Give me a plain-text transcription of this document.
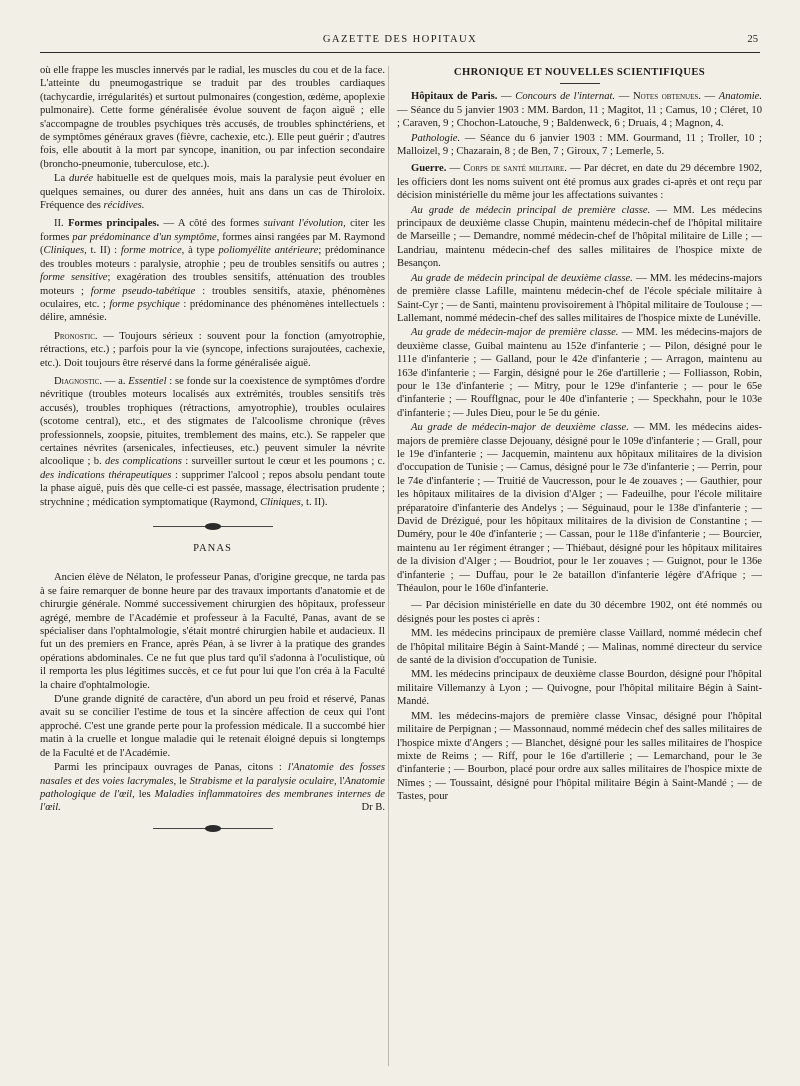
GAZETTE DES HOPITAUX	25

où elle frappe les muscles innervés par le radial, les muscles du cou et de la face. L'atteinte du pneumogastrique se traduit par des troubles cardiaques (tachycardie, irrégularités) et surtout pulmonaires (congestion, œdème, apoplexie pulmonaire). Cette forme généralisée évolue souvent de façon aiguë ; elle s'accompagne de troubles psychiques très accusés, de troubles sphinctériens, et de symptômes généraux graves (fièvre, cachexie, etc.). Elle peut guérir ; d'autres fois, elle aboutit à la mort par syncope, inanition, ou par infection secondaire (broncho-pneumonie, tuberculose, etc.).

La durée habituelle est de quelques mois, mais la paralysie peut évoluer en quelques semaines, ou durer des années, huit ans dans un cas de Thiroloix. Fréquence des récidives.

II. Formes principales. — A côté des formes suivant l'évolution, citer les formes par prédominance d'un symptôme, formes ainsi rangées par M. Raymond (Cliniques, t. II) : forme motrice, à type poliomyélite antérieure; prédominance des troubles moteurs : paralysie, atrophie ; peu de troubles sensitifs ou autres ; forme sensitive; exagération des troubles sensitifs, atténuation des troubles moteurs ; forme pseudo-tabétique : troubles sensitifs, ataxie, phénomènes oculaires, etc. ; forme psychique : prédominance des phénomènes intellectuels : délire, amnésie.

Pronostic. — Toujours sérieux : souvent pour la fonction (amyotrophie, rétractions, etc.) ; parfois pour la vie (syncope, infections surajoutées, cachexie, etc.). Doit toujours être réservé dans la forme généralisée aiguë.

Diagnostic. — a. Essentiel : se fonde sur la coexistence de symptômes d'ordre névritique (troubles moteurs localisés aux extrémités, troubles sensitifs très accusés), troubles trophiques (rétractions, amyotrophie), troubles oculaires (scotome central), etc., et des stigmates de l'alcoolisme chronique (rêves professionnels, zoopsie, pituites, tremblement des mains, etc.). Se rappeler que certaines névrites (arsenicales, infectieuses, etc.) peuvent simuler la névrite alcoolique ; b. des complications : surveiller surtout le cœur et les poumons ; c. des indications thérapeutiques : supprimer l'alcool ; repos absolu pendant toute la phase aiguë, puis dès que celle-ci est passée, massage, électrisation prudente ; strychnine ; médication symptomatique (Raymond, Cliniques, t. II).

PANAS

Ancien élève de Nélaton, le professeur Panas, d'origine grecque, ne tarda pas à se faire remarquer de bonne heure par des travaux importants d'anatomie et de chirurgie générale. Nommé successivement chirurgien des hôpitaux, professeur agrégé, membre de l'Académie et professeur à la Faculté, Panas, avant de se spécialiser dans l'ophtalmologie, s'était montré chirurgien habile et audacieux. Il fut un des premiers en France, après Péan, à se livrer à la pratique des grandes opérations abdominales. Ce ne fut que plus tard qu'il s'adonna à l'oculistique, où il remporta les plus légitimes succès, et ce fut pour lui que l'on créa à la Faculté la chaire d'ophtalmologie.

D'une grande dignité de caractère, d'un abord un peu froid et réservé, Panas avait su se concilier l'estime de tous et la sincère affection de ceux qui l'ont approché. C'est une grande perte pour la profession médicale. Il a succombé hier matin à la cruelle et longue maladie qui le retenait éloigné depuis si longtemps de la Faculté et de l'Académie.

Parmi les principaux ouvrages de Panas, citons : l'Anatomie des fosses nasales et des voies lacrymales, le Strabisme et la paralysie oculaire, l'Anatomie pathologique de l'œil, les Maladies inflammatoires des membranes internes de l'œil.	Dr B.

CHRONIQUE ET NOUVELLES SCIENTIFIQUES

Hôpitaux de Paris. — Concours de l'internat. — Notes obtenues. — Anatomie. — Séance du 5 janvier 1903 : MM. Bardon, 11 ; Magitot, 11 ; Camus, 10 ; Cléret, 10 ; Caraven, 9 ; Chochon-Latouche, 9 ; Baldenweck, 6 ; Druais, 4 ; Magnon, 4.

Pathologie. — Séance du 6 janvier 1903 : MM. Gourmand, 11 ; Troller, 10 ; Malloizel, 9 ; Chazarain, 8 ; de Ben, 7 ; Giroux, 7 ; Lemerle, 5.

Guerre. — Corps de santé militaire. — Par décret, en date du 29 décembre 1902, les officiers dont les noms suivent ont été promus aux grades ci-après et ont reçu par décision ministérielle du même jour les affectations suivantes :

Au grade de médecin principal de première classe. — MM. Les médecins principaux de deuxième classe Chupin, maintenu médecin-chef de l'hôpital militaire de Marseille ; — Demandre, nommé médecin-chef de l'hôpital militaire de Lille ; — Landriau, maintenu médecin-chef des salles militaires de l'hospice mixte de Besançon.

Au grade de médecin principal de deuxième classe. — MM. les médecins-majors de première classe Lafille, maintenu médecin-chef de l'école spéciale militaire à Saint-Cyr ; — de Santi, maintenu provisoirement à l'hôpital militaire de Toulouse ; — Lallemant, nommé médecin-chef des salles militaires de l'hospice mixte de Lunéville.

Au grade de médecin-major de première classe. — MM. les médecins-majors de deuxième classe, Guibal maintenu au 152e d'infanterie ; — Pilon, désigné pour le 111e d'infanterie ; — Galland, pour le 42e d'infanterie ; — Arragon, maintenu au 163e d'infanterie ; — Fargin, désigné pour le 26e d'artillerie ; — Folliasson, Robin, pour le 13e d'infanterie ; — Mitry, pour le 129e d'infanterie ; — pour le 65e d'infanterie ; — Roufflgnac, pour le 40e d'infanterie ; — Speckhahn, pour le 103e d'infanterie ; — Jules Dieu, pour le 5e du génie.

Au grade de médecin-major de deuxième classe. — MM. les médecins aides-majors de première classe Dejouany, désigné pour le 109e d'infanterie ; — Grall, pour le 19e d'infanterie ; — Jacquemin, maintenu aux hôpitaux militaires de la division d'occupation de Tunisie ; — Camus, désigné pour le 73e d'infanterie ; — Perrin, pour le 74e d'infanterie ; — Truitié de Vaucresson, pour le 4e zouaves ; — Gauthier, pour les hôpitaux militaires de la division d'Alger ; — Fadeuilhe, pour l'école militaire préparatoire d'infanterie des Andelys ; — Séguinaud, pour le 138e d'infanterie ; — David de Drézigué, pour les hôpitaux militaires de la division de Constantine ; — Duméry, pour le 40e d'infanterie ; — Cassan, pour le 118e d'infanterie ; — Bourcier, maintenu au 1er régiment étranger ; — Thiébaut, désigné pour les hôpitaux militaires de la division d'Alger ; — Boudriot, pour le 1er zouaves ; — Guignot, pour le 136e d'infanterie ; — Duffau, pour le 2e bataillon d'infanterie légère d'Afrique ; — Théaulon, pour le 160e d'infanterie.

— Par décision ministérielle en date du 30 décembre 1902, ont été nommés ou désignés pour les postes ci après :

MM. les médecins principaux de première classe Vaillard, nommé médecin chef de l'hôpital militaire Bégin à Saint-Mandé ; — Malinas, nommé directeur du service de santé de la division d'occupation de Tunisie.

MM. les médecins principaux de deuxième classe Bourdon, désigné pour l'hôpital militaire Villemanzy à Lyon ; — Quivogne, pour l'hôpital militaire Bégin à Saint-Mandé.

MM. les médecins-majors de première classe Vinsac, désigné pour l'hôpital militaire de Perpignan ; — Massonnaud, nommé médecin chef des salles militaires de l'hospice mixte d'Angers ; — Blanchet, désigné pour les salles militaires de l'hospice mixte de Reims ; — Riff, pour le 16e d'artillerie ; — Lemarchand, pour le 3e d'infanterie ; — Bourbon, placé pour ordre aux salles militaires de l'hospice mixte de Nîmes ; — Toussaint, désigné pour l'hôpital militaire Bégin à Saint-Mandé ; — de Tastes, pour
